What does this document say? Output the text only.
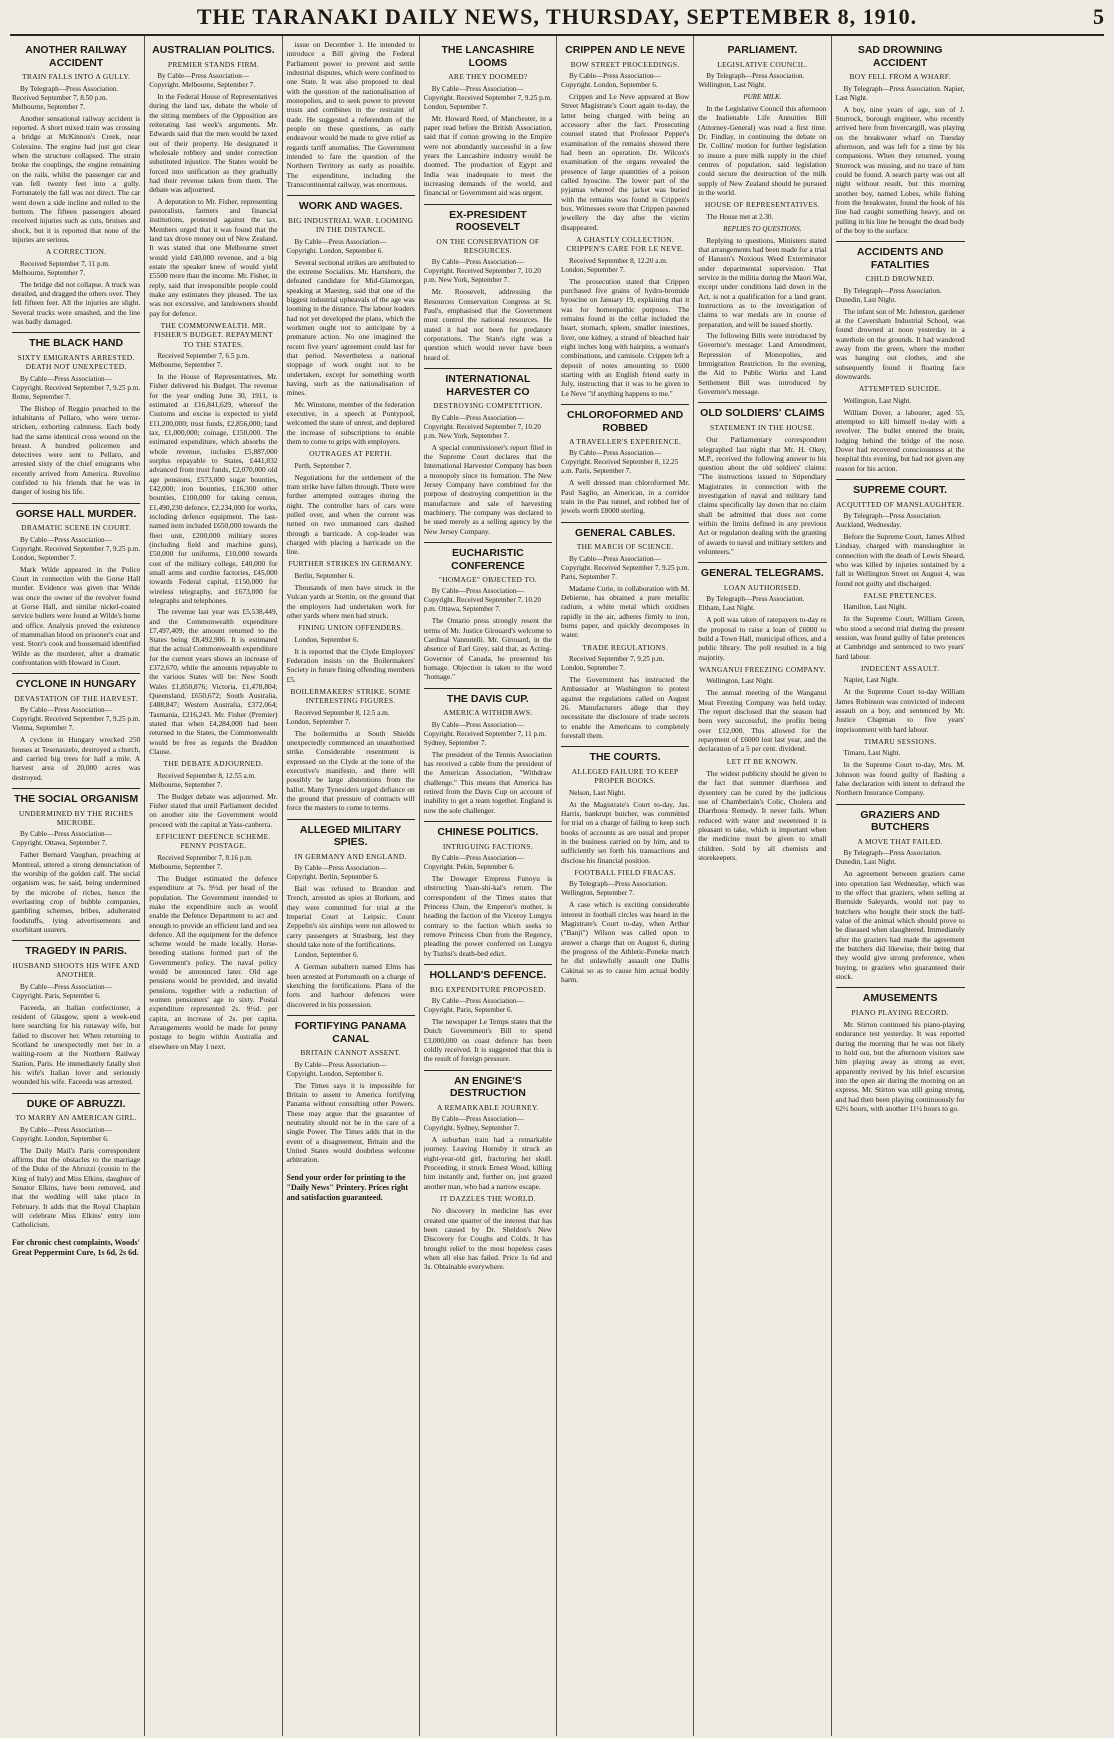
THE TARANAKI DAILY NEWS, THURSDAY, SEPTEMBER 8, 1910.	5
ANOTHER RAILWAY ACCIDENT
TRAIN FALLS INTO A GULLY.
By Telegraph—Press Association. Received September 7, 8.50 p.m. Melbourne, September 7.
Another sensational railway accident is reported. A short mixed train was crossing a bridge at McKinnon's Creek, near Coleraine. The engine had just got clear when the structure collapsed. The strain broke the couplings, the engine remaining on the rails, whilst the passenger car and van fell twenty feet into a gully. Fortunately the fall was not direct. The car went down a side incline and rolled to the bottom. The fifteen passengers aboard received injuries such as cuts, bruises and shock, but it is reported that none of the injuries are serious.
A CORRECTION.
Received September 7, 11 p.m. Melbourne, September 7.
The bridge did not collapse. A truck was derailed, and dragged the others over. They fell fifteen feet. All the injuries are slight. Several trucks were smashed, and the line was badly damaged.
THE BLACK HAND
SIXTY EMIGRANTS ARRESTED. DEATH NOT UNEXPECTED.
By Cable—Press Association—Copyright. Received September 7, 9.25 p.m. Rome, September 7.
The Bishop of Reggio preached to the inhabitants of Pellaro, who were terror-stricken, exhorting calmness. Each body had the same identical cross wound on the breast. A hundred policemen and detectives were sent to Pellaro, and arrested sixty of the chief emigrants who recently arrived from America. Ruvolino confided to his friends that he was in danger of losing his life.
GORSE HALL MURDER.
DRAMATIC SCENE IN COURT.
By Cable—Press Association—Copyright. Received September 7, 9.25 p.m. London, September 7.
Mark Wilde appeared in the Police Court in connection with the Gorse Hall murder. Evidence was given that Wilde was once the owner of the revolver found at Gorse Hall, and similar nickel-coated service bullets were found at Wilde's home and office. Analysis proved the existence of mammalian blood on prisoner's coat and vest. Storr's cook and housemaid identified Wilde as the murderer, after a dramatic confrontation with Howard in Court.
CYCLONE IN HUNGARY
DEVASTATION OF THE HARVEST.
By Cable—Press Association—Copyright. Received September 7, 9.25 p.m. Vienna, September 7.
A cyclone in Hungary wrecked 250 houses at Tesenaszelo, destroyed a church, and carried big trees for half a mile. A harvest area of 20,000 acres was destroyed.
THE SOCIAL ORGANISM
UNDERMINED BY THE RICHES MICROBE.
By Cable—Press Association—Copyright. Ottawa, September 7.
Father Bernard Vaughan, preaching at Montreal, uttered a strong denunciation of the worship of the golden calf. The social organism was, he said, being undermined by the microbe of riches, hence the everlasting crop of bubble companies, gambling schemes, bribes, adulterated foodstuffs, lying advertisements and exorbitant usurers.
TRAGEDY IN PARIS.
HUSBAND SHOOTS HIS WIFE AND ANOTHER.
By Cable—Press Association—Copyright. Paris, September 6.
Faceeda, an Italian confectioner, a resident of Glasgow, spent a week-end here searching for his runaway wife, but failed to discover her. When returning to Scotland he unexpectedly met her in a waiting-room at the Northern Railway Station, Paris. He immediately fatally shot his wife's Italian lover and seriously wounded his wife. Faceeda was arrested.
DUKE OF ABRUZZI.
TO MARRY AN AMERICAN GIRL.
By Cable—Press Association—Copyright. London, September 6.
The Daily Mail's Paris correspondent affirms that the obstacles to the marriage of the Duke of the Abruzzi (cousin to the King of Italy) and Miss Elkins, daughter of Senator Elkins, have been removed, and that the wedding will take place in February. It adds that the Royal Chaplain will celebrate Miss Elkins' entry into Catholicism.
For chronic chest complaints, Woods' Great Peppermint Cure, 1s 6d, 2s 6d.
AUSTRALIAN POLITICS.
PREMIER STANDS FIRM.
By Cable—Press Association—Copyright. Melbourne, September 7.
In the Federal House of Representatives during the land tax, debate the whole of the sitting members of the Opposition are reiterating last week's arguments. Mr. Edwards said that the men would be taxed out of their property. He designated it wholesale robbery and under correction substituted injustice. The States would be forced into unification as they gradually had their revenue taken from them. The debate was adjourned.
A deputation to Mr. Fisher, representing pastoralists, farmers and financial institutions, protested against the tax. Members urged that it was found that the land tax drove money out of New Zealand. It was stated that one Melbourne street would yield £40,000 revenue, and a big estate the speaker knew of would yield £5500 more than the income. Mr. Fisher, in reply, said that irresponsible people could make any estimates they pleased. The tax was not excessive, and landowners should pay for defence.
THE COMMONWEALTH. MR. FISHER'S BUDGET. REPAYMENT TO THE STATES.
Received September 7, 6.5 p.m. Melbourne, September 7.
In the House of Representatives, Mr. Fisher delivered his Budget. The revenue for the year ending June 30, 1911, is estimated at £16,841,629, whereof the Customs and excise is expected to yield £11,200,000; trust funds, £2,856,000; land tax, £1,000,000; coinage, £150,000. The estimated expenditure, which absorbs the whole revenue, includes £5,887,000 surplus repayable to States, £441,832 advanced from trust funds, £2,070,000 old age pensions, £573,000 sugar bounties, £42,000; iron bounties, £16,300 other bounties, £100,000 for taking census, £1,490,230 defence, £2,234,000 for works, including defence equipment. The last-named item included £650,000 towards the fleet unit, £200,000 military stores (including field and machine guns), £50,000 for uniforms, £10,000 towards cost of the military college, £40,000 for small arms and cordite factories, £45,000 towards Federal capital, £150,000 for wireless telegraphy, and £673,000 for telegraphs and telephones.
The revenue last year was £5,538,449, and the Commonwealth expenditure £7,497,409, the amount returned to the States being £8,492,906. It is estimated that the actual Commonwealth expenditure for the current years shows an increase of £372,670, while the amounts repayable to the various States will be: New South Wales £1,850,876; Victoria, £1,478,804; Queensland, £650,672; South Australia, £488,847; Western Australia, £372,064; Tasmania, £216,243. Mr. Fisher (Premier) stated that when £4,284,000 had been returned to the States, the Commonwealth would be free as regards the Braddon Clause.
THE DEBATE ADJOURNED.
Received September 8, 12.55 a.m. Melbourne, September 7.
The Budget debate was adjourned. Mr. Fisher stated that until Parliament decided on another site the Government would proceed with the capital at Yass-canberra.
EFFICIENT DEFENCE SCHEME. PENNY POSTAGE.
Received September 7, 8.16 p.m. Melbourne, September 7.
The Budget estimated the defence expenditure at 7s. 9½d. per head of the population. The Government intended to make the expenditure such as would enable the Defence Department to act and enough to provide an efficient land and sea defence. All the equipment for the defence scheme would be made locally. Horse-breeding stations formed part of the Government's policy. The naval policy would be announced later. Old age pensions would be provided, and invalid pensions, together with a reduction of women pensioners' age to sixty. Postal expenditure represented 2s. 9½d. per capita, an increase of 2s. per capita. Arrangements would be made for penny postage to begin within Australia and elsewhere on May 1 next.
issue on December 1. He intended to introduce a Bill giving the Federal Parliament power to prevent and settle industrial disputes, which were confined to one State. It was also proposed to deal with the question of the nationalisation of monopolies, and to seek power to prevent trusts and combines in the restraint of trade. He suggested a referendum of the people on these questions, as early endeavour would be made to give relief as regards tariff anomalies. The Government intended to fare the question of the Northern Territory as early as possible. The expenditure, including the Transcontinental railway, was enormous.
WORK AND WAGES.
BIG INDUSTRIAL WAR. LOOMING IN THE DISTANCE.
By Cable—Press Association—Copyright. London, September 6.
Several sectional strikes are attributed to the extreme Socialists. Mr. Hartshorn, the defeated candidate for Mid-Glamorgan, speaking at Maesteg, said that one of the biggest industrial upheavals of the age was looming in the distance. The labour leaders had not yet developed the plans, which the workmen ought not to anticipate by a premature action. No one imagined the recent five years' agreement could last for that period. Nevertheless a national stoppage of work ought not to be undertaken, except for something worth having, such as the nationalisation of mines.
Mr. Winstone, member of the federation executive, in a speech at Pontypool, welcomed the state of unrest, and deplored the increase of subscriptions to enable them to come to grips with employers.
OUTRAGES AT PERTH.
Perth, September 7.
Negotiations for the settlement of the tram strike have fallen through. There were further attempted outrages during the night. The controller bars of cars were pulled over, and when the current was turned on two unmanned cars dashed through a barricade. A cop-leader was charged with placing a barricade on the line.
FURTHER STRIKES IN GERMANY.
Berlin, September 6.
Thousands of men have struck in the Vulcan yards at Stettin, on the ground that the employers had undertaken work for other yards where men had struck.
FINING UNION OFFENDERS.
London, September 6.
It is reported that the Clyde Employers' Federation insists on the Boilermakers' Society in future fining offending members £5.
BOILERMAKERS' STRIKE. SOME INTERESTING FIGURES.
Received September 8, 12.5 a.m. London, September 7.
The boilermiths at South Shields unexpectedly commenced an unauthorised strike. Considerable resentment is expressed on the Clyde at the tone of the executive's manifesto, and there will possibly be large abstentions from the ballot. Many Tynesiders urged defiance on the ground that pressure of contracts will force the masters to come to terms.
ALLEGED MILITARY SPIES.
IN GERMANY AND ENGLAND.
By Cable—Press Association—Copyright. Berlin, September 6.
Bail was refused to Brandon and Trench, arrested as spies at Borkum, and they were committed for trial at the Imperial Court at Leipsic. Count Zeppelin's six airships were not allowed to carry passengers at Strasburg, lest they should take note of the fortifications.
London, September 6.
A German subaltern named Elms has been arrested at Portsmouth on a charge of sketching the fortifications. Plans of the forts and harbour defences were discovered in his possession.
FORTIFYING PANAMA CANAL
BRITAIN CANNOT ASSENT.
By Cable—Press Association—Copyright. London, September 6.
The Times says it is impossible for Britain to assent to America fortifying Panama without consulting other Powers. These may argue that the guarantee of neutrality should not be in the care of a single Power. The Times adds that in the event of a disagreement, Britain and the United States would doubtless welcome arbitration.
Send your order for printing to the "Daily News" Printery. Prices right and satisfaction guaranteed.
THE LANCASHIRE LOOMS
ARE THEY DOOMED?
By Cable—Press Association—Copyright. Received September 7, 9.25 p.m. London, September 7.
Mr. Howard Reed, of Manchester, in a paper read before the British Association, said that if cotton growing in the Empire were not abundantly successful in a few years the Lancashire industry would be doomed. The production of Egypt and India was inadequate to meet the increasing demands of the world, and financial or Government aid was urgent.
EX-PRESIDENT ROOSEVELT
ON THE CONSERVATION OF RESOURCES.
By Cable—Press Association—Copyright. Received September 7, 10.20 p.m. New York, September 7.
Mr. Roosevelt, addressing the Resources Conservation Congress at St. Paul's, emphasised that the Government must control the national resources. He stated it had not been for predatory corporations. The State's right was a question which would never have been heard of.
INTERNATIONAL HARVESTER CO
DESTROYING COMPETITION.
By Cable—Press Association—Copyright. Received September 7, 10.20 p.m. New York, September 7.
A special commissioner's report filed in the Supreme Court declares that the International Harvester Company has been a monopoly since its formation. The New Jersey Company have combined for the purpose of destroying competition in the manufacture and sale of harvesting machinery. The company was declared to be used merely as a selling agency by the New Jersey Company.
EUCHARISTIC CONFERENCE
"HOMAGE" OBJECTED TO.
By Cable—Press Association—Copyright. Received September 7, 10.20 p.m. Ottawa, September 7.
The Ontario press strongly resent the terms of Mr. Justice Girouard's welcome to Cardinal Vannutelli. Mr. Girouard, in the absence of Earl Grey, said that, as Acting-Governor of Canada, he presented his homage. Objection is taken to the word "homage."
THE DAVIS CUP.
AMERICA WITHDRAWS.
By Cable—Press Association—Copyright. Received September 7, 11 p.m. Sydney, September 7.
The president of the Tennis Association has received a cable from the president of the American Association, "Withdraw challenge." This means that America has retired from the Davis Cup on account of inability to get a team together. England is now the sole challenger.
CHINESE POLITICS.
INTRIGUING FACTIONS.
By Cable—Press Association—Copyright. Pekin, September 6.
The Dowager Empress Funoyu is obstructing Yuan-shi-kai's return. The correspondent of the Times states that Princess Chun, the Emperor's mother, is heading the faction of the Viceroy Lungyu contrary to the faction which seeks to remove Princess Chun from the Regency, pleading the power conferred on Lungyu by Tuzhsi's death-bed edict.
HOLLAND'S DEFENCE.
BIG EXPENDITURE PROPOSED.
By Cable—Press Association—Copyright. Paris, September 6.
The newspaper Le Temps states that the Dutch Government's Bill to spend £3,000,000 on coast defence has been coldly received. It is suggested that this is the result of foreign pressure.
AN ENGINE'S DESTRUCTION
A REMARKABLE JOURNEY.
By Cable—Press Association—Copyright. Sydney, September 7.
A suburban train had a remarkable journey. Leaving Hornsby it struck an eight-year-old girl, fracturing her skull. Proceeding, it struck Ernest Wood, killing him instantly and, further on, just grazed another man, who had a narrow escape.
IT DAZZLES THE WORLD.
No discovery in medicine has ever created one quarter of the interest that has been caused by Dr. Sheldon's New Discovery for Coughs and Colds. It has brought relief to the most hopeless cases when all else has failed. Price 1s 6d and 3s. Obtainable everywhere.
CRIPPEN AND LE NEVE
BOW STREET PROCEEDINGS.
By Cable—Press Association—Copyright. London, September 6.
Crippen and Le Neve appeared at Bow Street Magistrate's Court again to-day, the latter being charged with being an accessory after the fact. Prosecuting counsel stated that Professor Pepper's examination of the remains showed there had been an operation. Dr. Wilcox's examination of the organs revealed the presence of large quantities of a poison called hyoscine. The lower part of the pyjamas whereof the jacket was buried with the remains was found in Crippen's box. Witnesses swore that Crippen pawned jewellery the day after the victim disappeared.
A GHASTLY COLLECTION. CRIPPEN'S CARE FOR LE NEVE.
Received September 8, 12.20 a.m. London, September 7.
The prosecution stated that Crippen purchased five grains of hydro-bromide hyoscine on January 19, explaining that it was for homeopathic purposes. The remains found in the cellar included the heart, stomach, spleen, smaller intestines, liver, one kidney, a strand of bleached hair eight inches long with hairpins, a woman's combinations, and camisole. Crippen left a deposit of notes amounting to £600 starting with an English friend early in July, instructing that it was to be given to Le Neve "if anything happens to me."
CHLOROFORMED AND ROBBED
A TRAVELLER'S EXPERIENCE.
By Cable—Press Association—Copyright. Received September 8, 12.25 a.m. Paris, September 7.
A well dressed man chloroformed Mr. Paul Saglio, an American, in a corridor train in the Pau tunnel, and robbed her of jewels worth £8000 sterling.
GENERAL CABLES.
THE MARCH OF SCIENCE.
By Cable—Press Association—Copyright. Received September 7, 9.25 p.m. Paris, September 7.
Madame Curie, in collaboration with M. Debierne, has obtained a pure metallic radium, a white metal which oxidises rapidly in the air, adheres firmly to iron, burns paper, and quickly decomposes in water.
TRADE REGULATIONS.
Received September 7, 9.25 p.m. London, September 7.
The Government has instructed the Ambassador at Washington to protest against the regulations called on August 26. Manufacturers allege that they necessitate the disclosure of trade secrets to enable the Americans to completely forestall them.
THE COURTS.
ALLEGED FAILURE TO KEEP PROPER BOOKS.
Nelson, Last Night.
At the Magistrate's Court to-day, Jas. Harris, bankrupt butcher, was committed for trial on a charge of failing to keep such books of accounts as are usual and proper in the business carried on by him, and to sufficiently set forth his transactions and disclose his financial position.
FOOTBALL FIELD FRACAS.
By Telegraph—Press Association. Wellington, September 7.
A case which is exciting considerable interest in football circles was heard in the Magistrate's Court to-day, when Arthur ("Banji") Wilson was called upon to answer a charge that on August 6, during the progress of the Athletic-Poneke match he did unlawfully assault one Dallis Cakinai so as to cause him actual bodily harm.
PARLIAMENT.
LEGISLATIVE COUNCIL.
By Telegraph—Press Association. Wellington, Last Night.
PURE MILK.
In the Legislative Council this afternoon the Inalienable Life Annuities Bill (Attorney-General) was read a first time. Dr. Findlay, in continuing the debate on Dr. Collins' motion for further legislation to insure a pure milk supply in the chief centres of population, said legislation could secure the destruction of the milk supply of New Zealand should be pursued in the world.
HOUSE OF REPRESENTATIVES.
The House met at 2.30.
REPLIES TO QUESTIONS.
Replying to questions, Ministers stated that arrangements had been made for a trial of Hansen's Noxious Weed Exterminator under departmental supervision. That service in the militia during the Maori War, except under conditions laid down in the Act, is not a qualification for a land grant. Instructions as to the investigation of claims to war medals are in course of preparation, and will be issued shortly.
The following Bills were introduced by Governor's message: Land Amendment, Repression of Monopolies, and Immigration Restriction. In the evening, the Aid to Public Works and Land Settlement Bill was introduced by Governor's message.
OLD SOLDIERS' CLAIMS
STATEMENT IN THE HOUSE.
Our Parliamentary correspondent telegraphed last night that Mr. H. Okey, M.P., received the following answer to his question about the old soldiers' claims: "The instructions issued to Stipendiary Magistrates in connection with the investigation of naval and military land claims specifically lay down that no claim shall be admitted that does not come within the limits defined in any previous Act or regulation dealing with the granting of awards to naval and military settlers and volunteers."
GENERAL TELEGRAMS.
LOAN AUTHORISED.
By Telegraph—Press Association. Eltham, Last Night.
A poll was taken of ratepayers to-day re the proposal to raise a loan of £6000 to build a Town Hall, municipal offices, and a public library. The poll resulted in a big majority.
WANGANUI FREEZING COMPANY.
Wellington, Last Night.
The annual meeting of the Wanganui Meat Freezing Company was held today. The report disclosed that the season had been very successful, the profits being over £12,000. This allowed for the repayment of £6000 lost last year, and the declaration of a 5 per cent. dividend.
LET IT BE KNOWN.
The widest publicity should be given to the fact that summer diarrhoea and dysentery can be cured by the judicious use of Chamberlain's Colic, Cholera and Diarrhoea Remedy. It never fails. When reduced with water and sweetened it is pleasant to take, which is important when the medicine must be given to small children. Sold by all chemists and storekeepers.
SAD DROWNING ACCIDENT
BOY FELL FROM A WHARF.
By Telegraph—Press Association. Napier, Last Night.
A boy, nine years of age, son of J. Sturrock, borough engineer, who recently arrived here from Invercargill, was playing on the breakwater wharf on Tuesday afternoon, and was left for a time by his companions. When they returned, young Sturrock was missing, and no trace of him could be found. A search party was out all night without result, but this morning another boy, named Lobes, while fishing from the breakwater, found the hook of his line had caught something heavy, and on pulling in his line he brought the dead body of the boy to the surface.
ACCIDENTS AND FATALITIES
CHILD DROWNED.
By Telegraph—Press Association. Dunedin, Last Night.
The infant son of Mr. Johnston, gardener at the Caversham Industrial School, was found drowned at noon yesterday in a waterhole on the grounds. It had wandered away from the green, where the mother was hanging out clothes, and she subsequently found it floating face downwards.
ATTEMPTED SUICIDE.
Wellington, Last Night.
William Dover, a labourer, aged 55, attempted to kill himself to-day with a revolver. The bullet entered the brain, lodging behind the bridge of the nose. Dover had recovered consciousness at the hospital this evening, but had not given any reason for his action.
SUPREME COURT.
ACQUITTED OF MANSLAUGHTER.
By Telegraph—Press Association. Auckland, Wednesday.
Before the Supreme Court, James Alfred Lindsay, charged with manslaughter in connection with the death of Lewis Sheard, who was killed by injuries sustained by a fall in Wellington Street on August 4, was found not guilty and discharged.
FALSE PRETENCES.
Hamilton, Last Night.
In the Supreme Court, William Green, who stood a second trial during the present session, was found guilty of false pretences at Cambridge and sentenced to two years' hard labour.
INDECENT ASSAULT.
Napier, Last Night.
At the Supreme Court to-day William James Robinson was convicted of indecent assault on a boy, and sentenced by Mr. Justice Chapman to five years' imprisonment with hard labour.
TIMARU SESSIONS.
Timaru, Last Night.
In the Supreme Court to-day, Mrs. M. Johnson was found guilty of flashing a false declaration with intent to defraud the Northern Insurance Company.
GRAZIERS AND BUTCHERS
A MOVE THAT FAILED.
By Telegraph—Press Association. Dunedin, Last Night.
An agreement between graziers came into operation last Wednesday, which was to the effect that graziers, when selling at Burnside Saleyards, would not pay to butchers who bought their stock the half-value of the animal which should prove to be diseased when slaughtered. Immediately after the graziers had made the agreement the butchers did likewise, their being that they would give strong preference, when buying, to graziers who guaranteed their stock.
AMUSEMENTS
PIANO PLAYING RECORD.
Mr. Stirton continued his piano-playing endurance test yesterday. It was reported during the morning that he was not likely to hold out, but the afternoon visitors saw him playing away as strong as ever, apparently revived by his brief excursion into the open air during the morning on an express. Mr. Stirton was still going strong, and had then been playing continuously for 62½ hours, with another 11½ hours to go.
